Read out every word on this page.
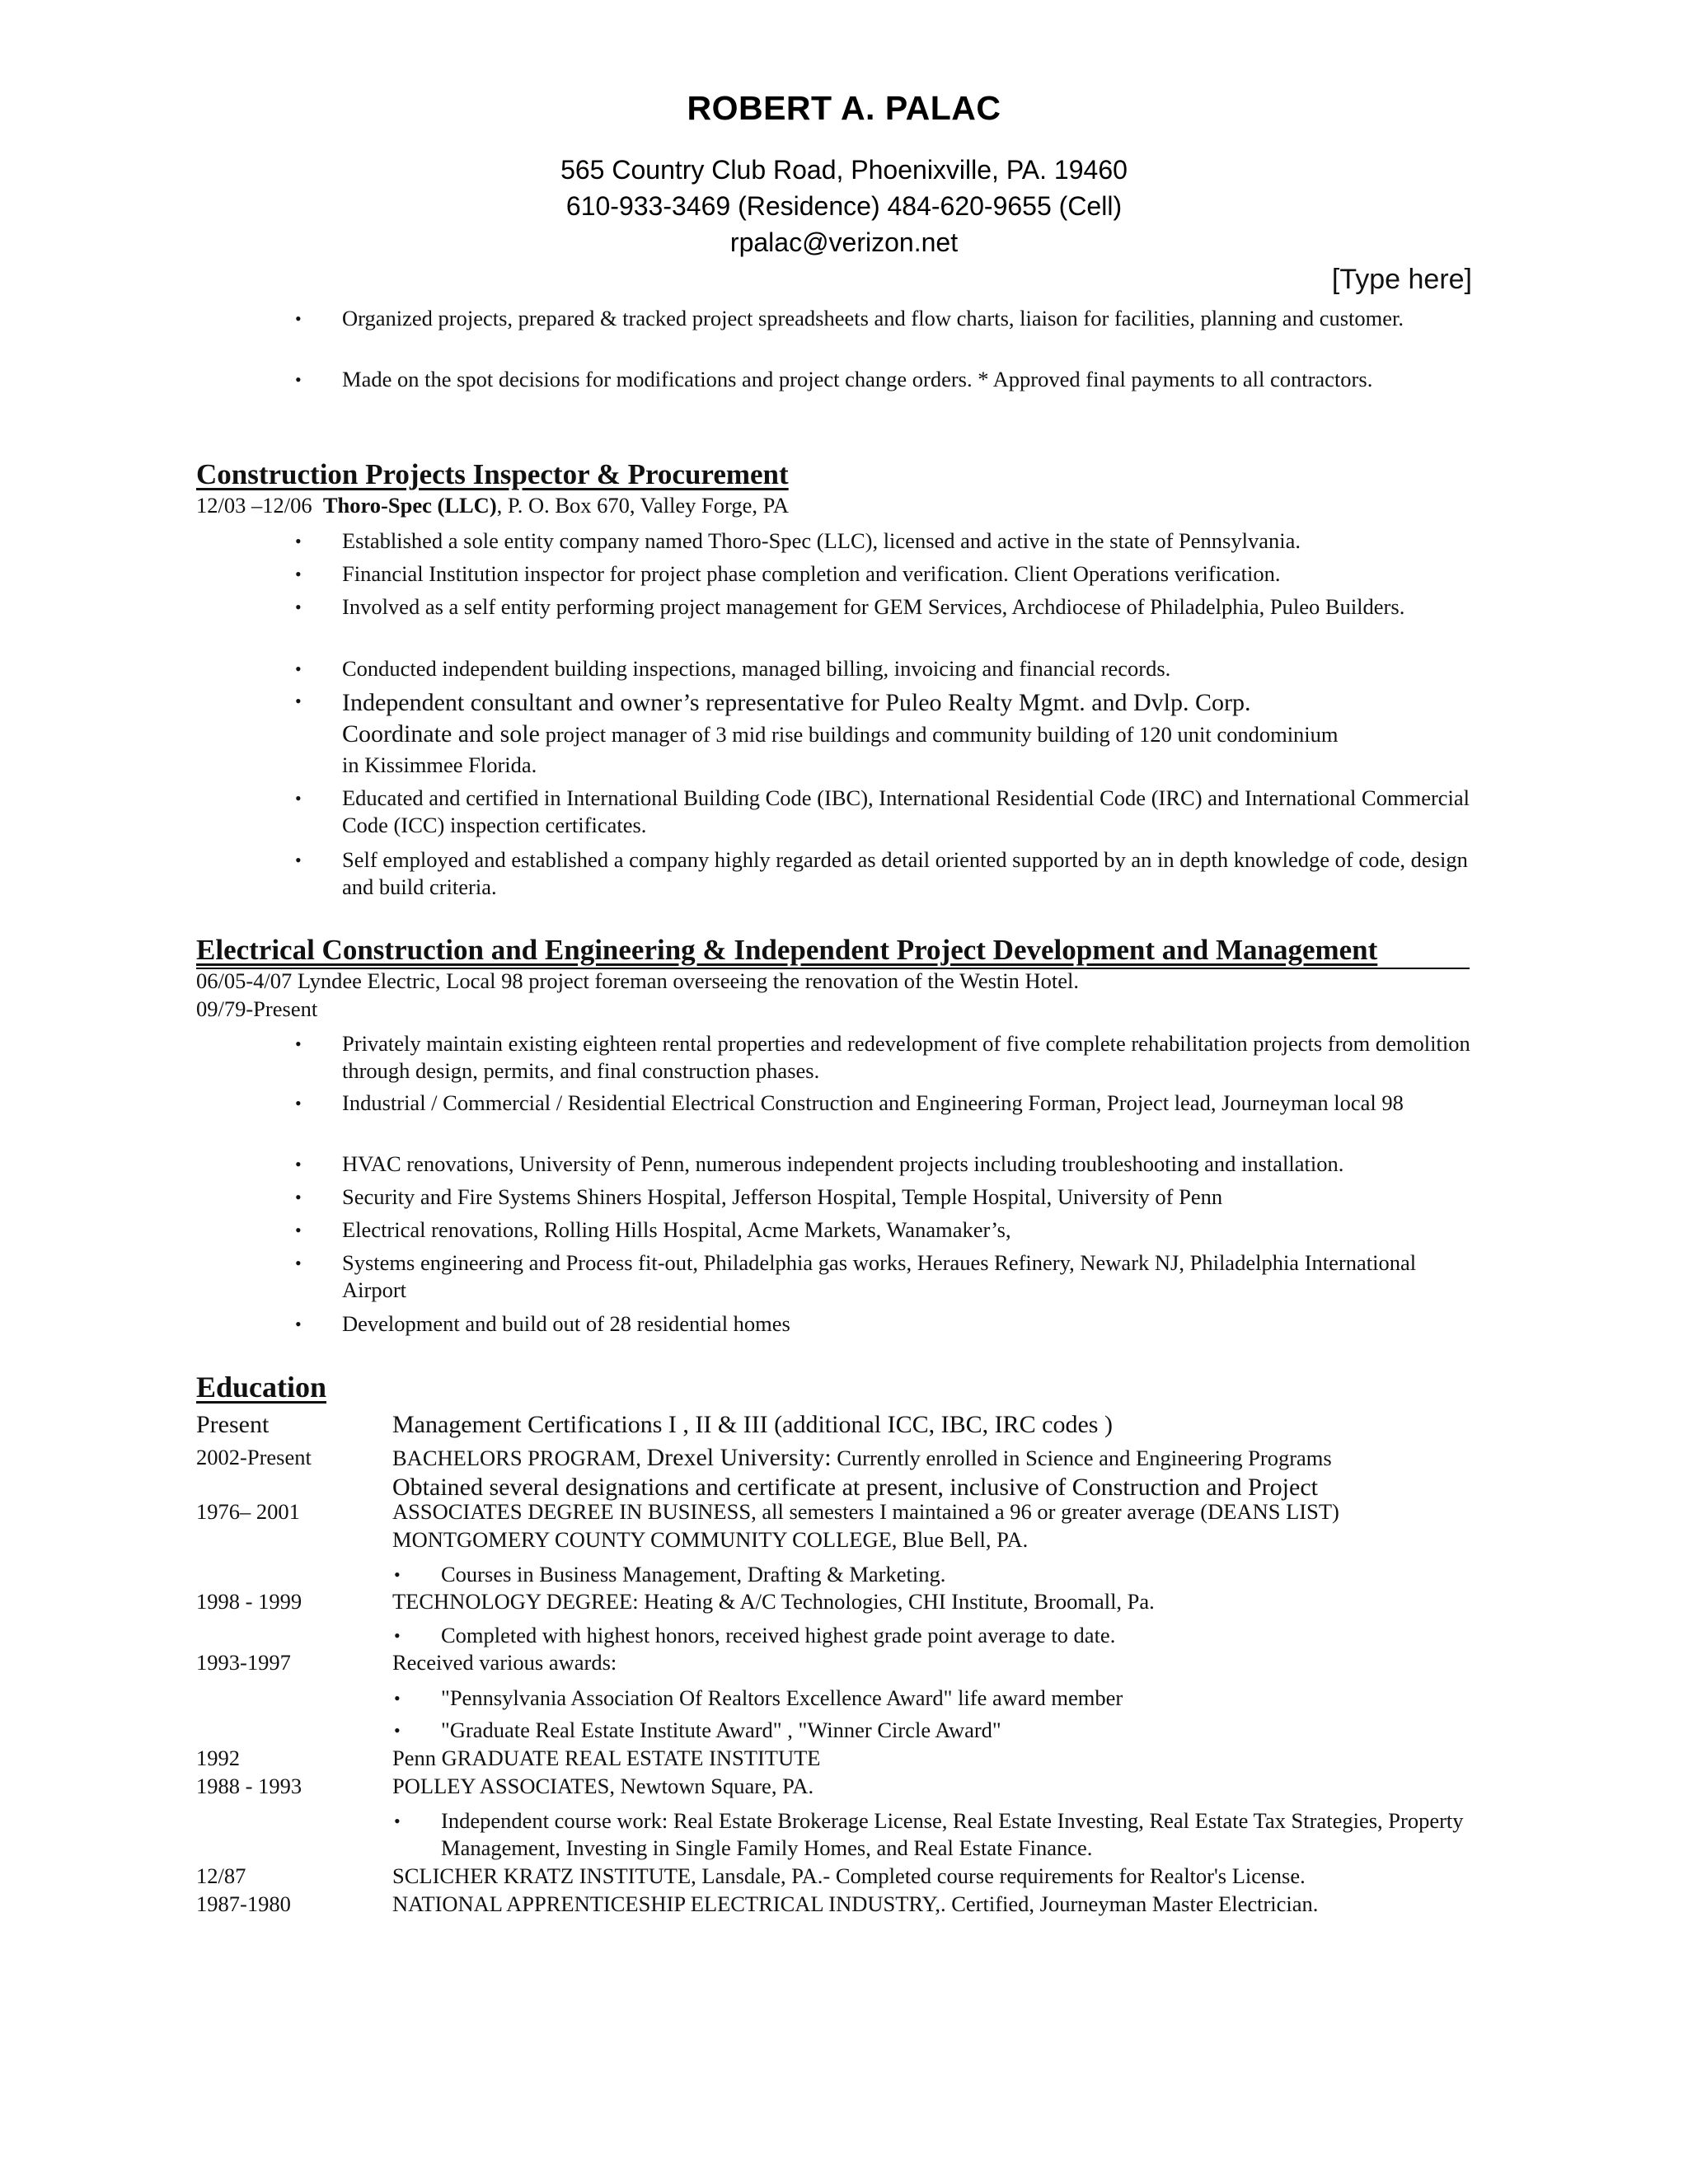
ROBERT A. PALAC
565 Country Club Road, Phoenixville, PA. 19460
610-933-3469 (Residence) 484-620-9655 (Cell)
rpalac@verizon.net
[Type here]
• Organized projects, prepared & tracked project spreadsheets and flow charts, liaison for facilities, planning and customer.
• Made on the spot decisions for modifications and project change orders. * Approved final payments to all contractors.
Construction Projects Inspector & Procurement
12/03 –12/06 Thoro-Spec (LLC), P. O. Box 670, Valley Forge, PA
• Established a sole entity company named Thoro-Spec (LLC), licensed and active in the state of Pennsylvania.
• Financial Institution inspector for project phase completion and verification. Client Operations verification.
• Involved as a self entity performing project management for GEM Services, Archdiocese of Philadelphia, Puleo Builders.
• Conducted independent building inspections, managed billing, invoicing and financial records.
• Independent consultant and owner’s representative for Puleo Realty Mgmt. and Dvlp. Corp.
Coordinate and sole project manager of 3 mid rise buildings and community building of 120 unit condominium
in Kissimmee Florida.
• Educated and certified in International Building Code (IBC), International Residential Code (IRC) and International Commercial Code (ICC) inspection certificates.
• Self employed and established a company highly regarded as detail oriented supported by an in depth knowledge of code, design and build criteria.
Electrical Construction and Engineering & Independent Project Development and Management
06/05-4/07 Lyndee Electric, Local 98 project foreman overseeing the renovation of the Westin Hotel.
09/79-Present
• Privately maintain existing eighteen rental properties and redevelopment of five complete rehabilitation projects from demolition through design, permits, and final construction phases.
• Industrial / Commercial / Residential Electrical Construction and Engineering Forman, Project lead, Journeyman local 98
• HVAC renovations, University of Penn, numerous independent projects including troubleshooting and installation.
• Security and Fire Systems Shiners Hospital, Jefferson Hospital, Temple Hospital, University of Penn
• Electrical renovations, Rolling Hills Hospital, Acme Markets, Wanamaker’s,
• Systems engineering and Process fit-out, Philadelphia gas works, Heraues Refinery, Newark NJ, Philadelphia International Airport
• Development and build out of 28 residential homes
Education
Present	Management Certifications I , II & III (additional ICC, IBC, IRC codes )
2002-Present	BACHELORS PROGRAM, Drexel University: Currently enrolled in Science and Engineering Programs
Obtained several designations and certificate at present, inclusive of Construction and Project
1976– 2001	ASSOCIATES DEGREE IN BUSINESS, all semesters I maintained a 96 or greater average (DEANS LIST)
MONTGOMERY COUNTY COMMUNITY COLLEGE, Blue Bell, PA.
• Courses in Business Management, Drafting & Marketing.
1998 - 1999	TECHNOLOGY DEGREE: Heating & A/C Technologies, CHI Institute, Broomall, Pa.
• Completed with highest honors, received highest grade point average to date.
1993-1997	Received various awards:
• "Pennsylvania Association Of Realtors Excellence Award" life award member
• "Graduate Real Estate Institute Award" , "Winner Circle Award"
1992	Penn GRADUATE REAL ESTATE INSTITUTE
1988 - 1993	POLLEY ASSOCIATES, Newtown Square, PA.
• Independent course work: Real Estate Brokerage License, Real Estate Investing, Real Estate Tax Strategies, Property Management, Investing in Single Family Homes, and Real Estate Finance.
12/87	SCLICHER KRATZ INSTITUTE, Lansdale, PA.- Completed course requirements for Realtor's License.
1987-1980	NATIONAL APPRENTICESHIP ELECTRICAL INDUSTRY,. Certified, Journeyman Master Electrician.
